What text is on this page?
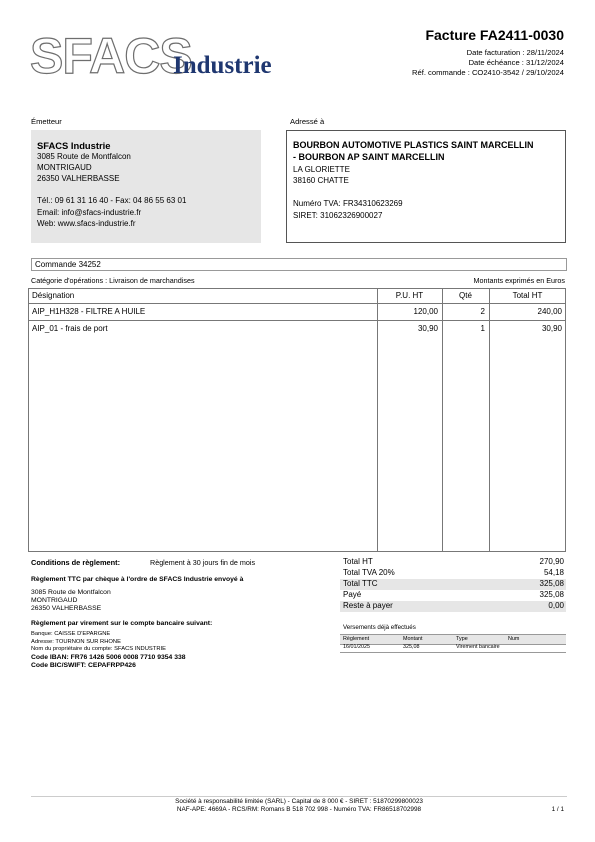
SFACS
Industrie
Facture FA2411-0030
Date facturation : 28/11/2024
Date échéance : 31/12/2024
Réf. commande : CO2410-3542 / 29/10/2024
Émetteur
SFACS Industrie
3085 Route de Montfalcon
MONTRIGAUD
26350 VALHERBASSE
Tél.: 09 61 31 16 40 - Fax: 04 86 55 63 01
Email: info@sfacs-industrie.fr
Web: www.sfacs-industrie.fr
Adressé à
BOURBON AUTOMOTIVE PLASTICS SAINT MARCELLIN
- BOURBON AP SAINT MARCELLIN
LA GLORIETTE
38160 CHATTE
Numéro TVA: FR34310623269
SIRET: 31062326900027
Commande 34252
Catégorie d'opérations : Livraison de marchandises	Montants exprimés en Euros
Désignation	P.U. HT	Qté	Total HT
AIP_H1H328 - FILTRE A HUILE	120,00	2	240,00
AIP_01 - frais de port	30,90	1	30,90
Conditions de règlement:	Règlement à 30 jours fin de mois
Règlement TTC par chèque à l'ordre de SFACS Industrie envoyé à
3085 Route de Montfalcon
MONTRIGAUD
26350 VALHERBASSE
Règlement par virement sur le compte bancaire suivant:
Banque: CAISSE D'EPARGNE
Adresse: TOURNON SUR RHONE
Nom du propriétaire du compte: SFACS INDUSTRIE
Code IBAN: FR76 1426 5006 0008 7710 9354 338
Code BIC/SWIFT: CEPAFRPP426
Total HT	270,90
Total TVA 20%	54,18
Total TTC	325,08
Payé	325,08
Reste à payer	0,00
Versements déjà effectués
Règlement	Montant	Type	Num
16/01/2025	325,08	Virement bancaire
Société à responsabilité limitée (SARL) - Capital de 8 000 € - SIRET : 51870299800023
NAF-APE: 4669A - RCS/RM: Romans B 518 702 998 - Numéro TVA: FR86518702998	1 / 1
